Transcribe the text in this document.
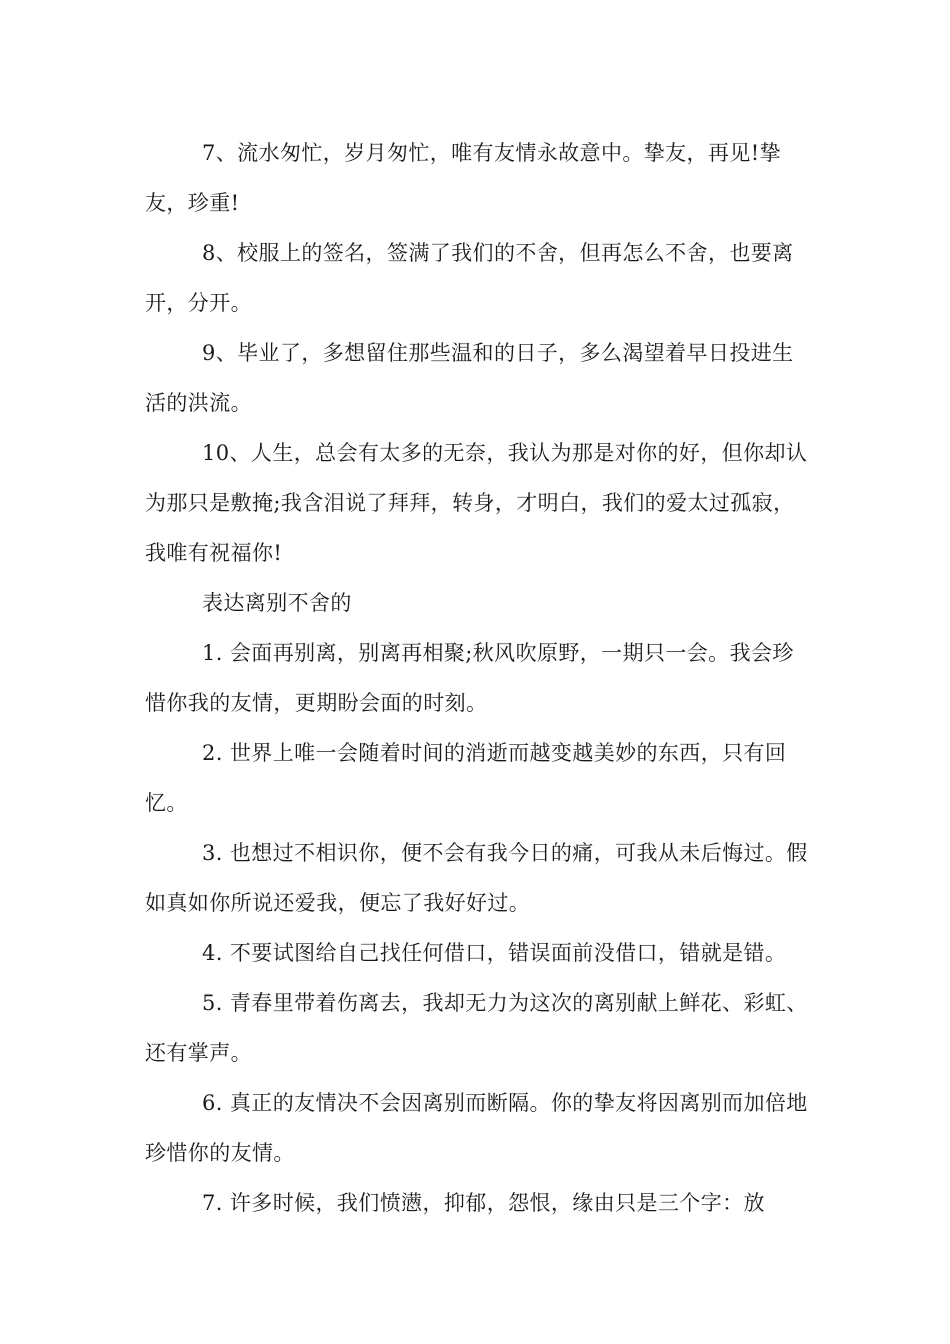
7、流水匆忙，岁月匆忙，唯有友情永故意中。挚友，再见!挚友，珍重!

8、校服上的签名，签满了我们的不舍，但再怎么不舍，也要离开，分开。

9、毕业了，多想留住那些温和的日子，多么渴望着早日投进生活的洪流。

10、人生，总会有太多的无奈，我认为那是对你的好，但你却认为那只是敷掩;我含泪说了拜拜，转身，才明白，我们的爱太过孤寂，我唯有祝福你!

表达离别不舍的

1. 会面再别离，别离再相聚;秋风吹原野，一期只一会。我会珍惜你我的友情，更期盼会面的时刻。

2. 世界上唯一会随着时间的消逝而越变越美妙的东西，只有回忆。

3. 也想过不相识你，便不会有我今日的痛，可我从未后悔过。假如真如你所说还爱我，便忘了我好好过。

4. 不要试图给自己找任何借口，错误面前没借口，错就是错。

5. 青春里带着伤离去，我却无力为这次的离别献上鲜花、彩虹、还有掌声。

6. 真正的友情决不会因离别而断隔。你的挚友将因离别而加倍地珍惜你的友情。

7. 许多时候，我们愤懑，抑郁，怨恨，缘由只是三个字：放
